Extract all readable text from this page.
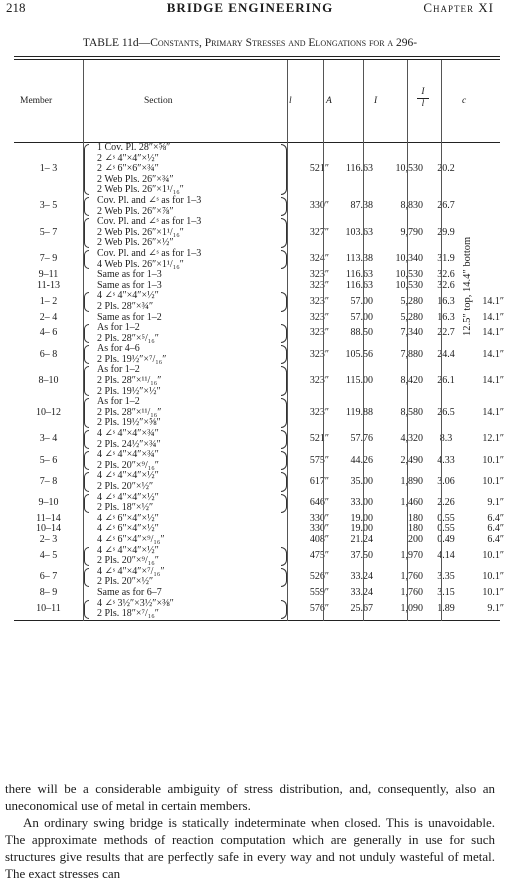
218	BRIDGE ENGINEERING	Chapter XI
TABLE 11d—Constants, Primary Stresses and Elongations for a 296-
Member	Section	l	A	I	$\frac{I}{l}$	c
1– 3	1 Cov. Pl. 28″×⅝″
2 ∠ˢ 4″×4″×½″
2 ∠ˢ 6″×6″×¾″
2 Web Pls. 26″×¾″
2 Web Pls. 26″×1¹/₁₆″	521″	116.63	10,530	20.2	
3– 5	Cov. Pl. and ∠ˢ as for 1–3
2 Web Pls. 26″×⅞″	330″	87.38	8,830	26.7	
5– 7	Cov. Pl. and ∠ˢ as for 1–3
2 Web Pls. 26″×1¹/₁₆″
2 Web Pls. 26″×½″	327″	103.63	9,790	29.9	
7– 9	Cov. Pl. and ∠ˢ as for 1–3
4 Web Pls. 26″×1¹/₁₆″	324″	113.38	10,340	31.9	
9–11	Same as for 1–3	323″	116.63	10,530	32.6	
11-13	Same as for 1–3	323″	116.63	10,530	32.6	
1– 2	4 ∠ˢ 4″×4″×½″
2 Pls. 28″×¾″	323″	57.00	5,280	16.3	14.1″
2– 4	Same as for 1–2	323″	57.00	5,280	16.3	14.1″
4– 6	As for 1–2
2 Pls. 28″×⁵/₁₆″	323″	88.50	7,340	22.7	14.1″
6– 8	As for 4–6
2 Pls. 19½″×⁷/₁₆″	323″	105.56	7,880	24.4	14.1″
8–10	As for 1–2
2 Pls. 28″×¹¹/₁₆″
2 Pls. 19½″×½″	323″	115.00	8,420	26.1	14.1″
10–12	As for 1–2
2 Pls. 28″×¹¹/₁₆″
2 Pls. 19½″×⅝″	323″	119.88	8,580	26.5	14.1″
3– 4	4 ∠ˢ 4″×4″×¾″
2 Pls. 24½″×¾″	521″	57.76	4,320	8.3	12.1″
5– 6	4 ∠ˢ 4″×4″×¾″
2 Pls. 20″×⁹/₁₆″	575″	44.26	2,490	4.33	10.1″
7– 8	4 ∠ˢ 4″×4″×½″
2 Pls. 20″×½″	617″	35.00	1,890	3.06	10.1″
9–10	4 ∠ˢ 4″×4″×½″
2 Pls. 18″×½″	646″	33.00	1,460	2.26	9.1″
11–14	4 ∠ˢ 6″×4″×½″	330″	19.00	180	0.55	6.4″
10–14	4 ∠ˢ 6″×4″×½″	330″	19.00	180	0.55	6.4″
2– 3	4 ∠ˢ 6″×4″×⁹/₁₆″	408″	21.24	200	0.49	6.4″
4– 5	4 ∠ˢ 4″×4″×½″
2 Pls. 20″×⁹/₁₆″	475″	37.50	1,970	4.14	10.1″
6– 7	4 ∠ˢ 4″×4″×⁷/₁₆″
2 Pls. 20″×½″	526″	33.24	1,760	3.35	10.1″
8– 9	Same as for 6–7	559″	33.24	1,760	3.15	10.1″
10–11	4 ∠ˢ 3½″×3½″×⅜″
2 Pls. 18″×⁷/₁₆″	576″	25.67	1,090	1.89	9.1″
12.5″ top, 14.4″ bottom

there will be a considerable ambiguity of stress distribution, and, consequently, also an uneconomical use of metal in certain members.

An ordinary swing bridge is statically indeterminate when closed. This is unavoidable. The approximate methods of reaction computation which are generally in use for such structures give results that are perfectly safe in every way and not unduly wasteful of metal. The exact stresses can
